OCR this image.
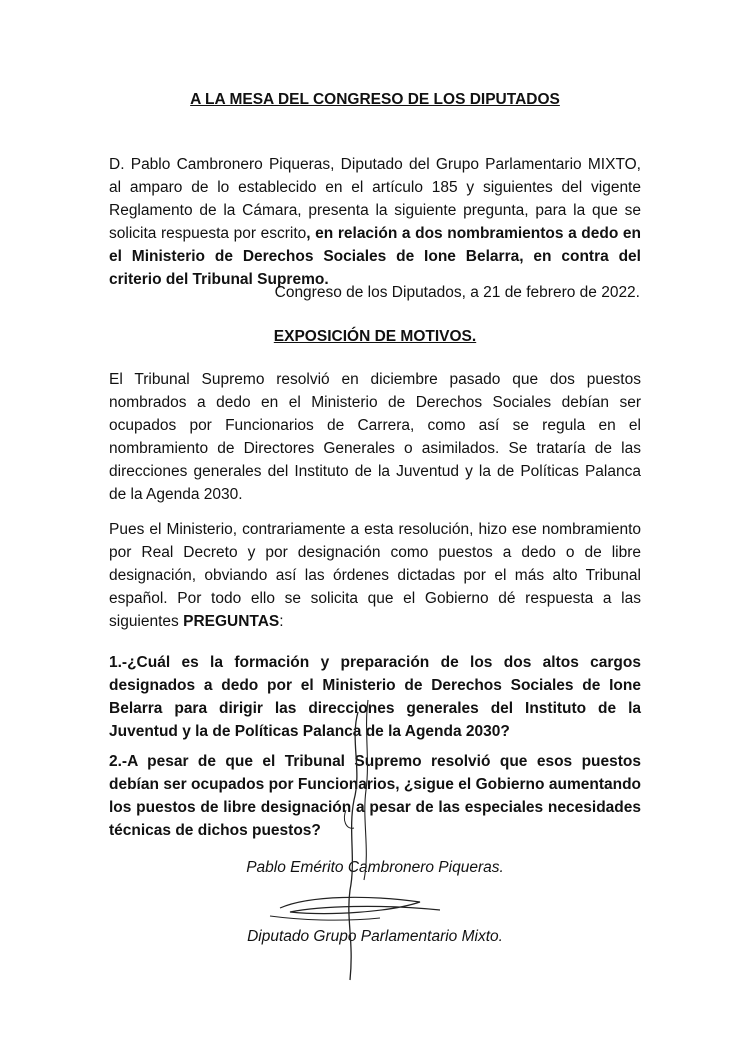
A LA MESA DEL CONGRESO DE LOS DIPUTADOS
D. Pablo Cambronero Piqueras, Diputado del Grupo Parlamentario MIXTO, al amparo de lo establecido en el artículo 185 y siguientes del vigente Reglamento de la Cámara, presenta la siguiente pregunta, para la que se solicita respuesta por escrito, en relación a dos nombramientos a dedo en el Ministerio de Derechos Sociales de Ione Belarra, en contra del criterio del Tribunal Supremo.
Congreso de los Diputados, a 21 de febrero de 2022.
EXPOSICIÓN DE MOTIVOS.
El Tribunal Supremo resolvió en diciembre pasado que dos puestos nombrados a dedo en el Ministerio de Derechos Sociales debían ser ocupados por Funcionarios de Carrera, como así se regula en el nombramiento de Directores Generales o asimilados. Se trataría de las direcciones generales del Instituto de la Juventud y la de Políticas Palanca de la Agenda 2030.
Pues el Ministerio, contrariamente a esta resolución, hizo ese nombramiento por Real Decreto y por designación como puestos a dedo o de libre designación, obviando así las órdenes dictadas por el más alto Tribunal español. Por todo ello se solicita que el Gobierno dé respuesta a las siguientes PREGUNTAS:
1.-¿Cuál es la formación y preparación de los dos altos cargos designados a dedo por el Ministerio de Derechos Sociales de Ione Belarra para dirigir las direcciones generales del Instituto de la Juventud y la de Políticas Palanca de la Agenda 2030?
2.-A pesar de que el Tribunal Supremo resolvió que esos puestos debían ser ocupados por Funcionarios, ¿sigue el Gobierno aumentando los puestos de libre designación a pesar de las especiales necesidades técnicas de dichos puestos?
Pablo Emérito Cambronero Piqueras.
Diputado Grupo Parlamentario Mixto.
